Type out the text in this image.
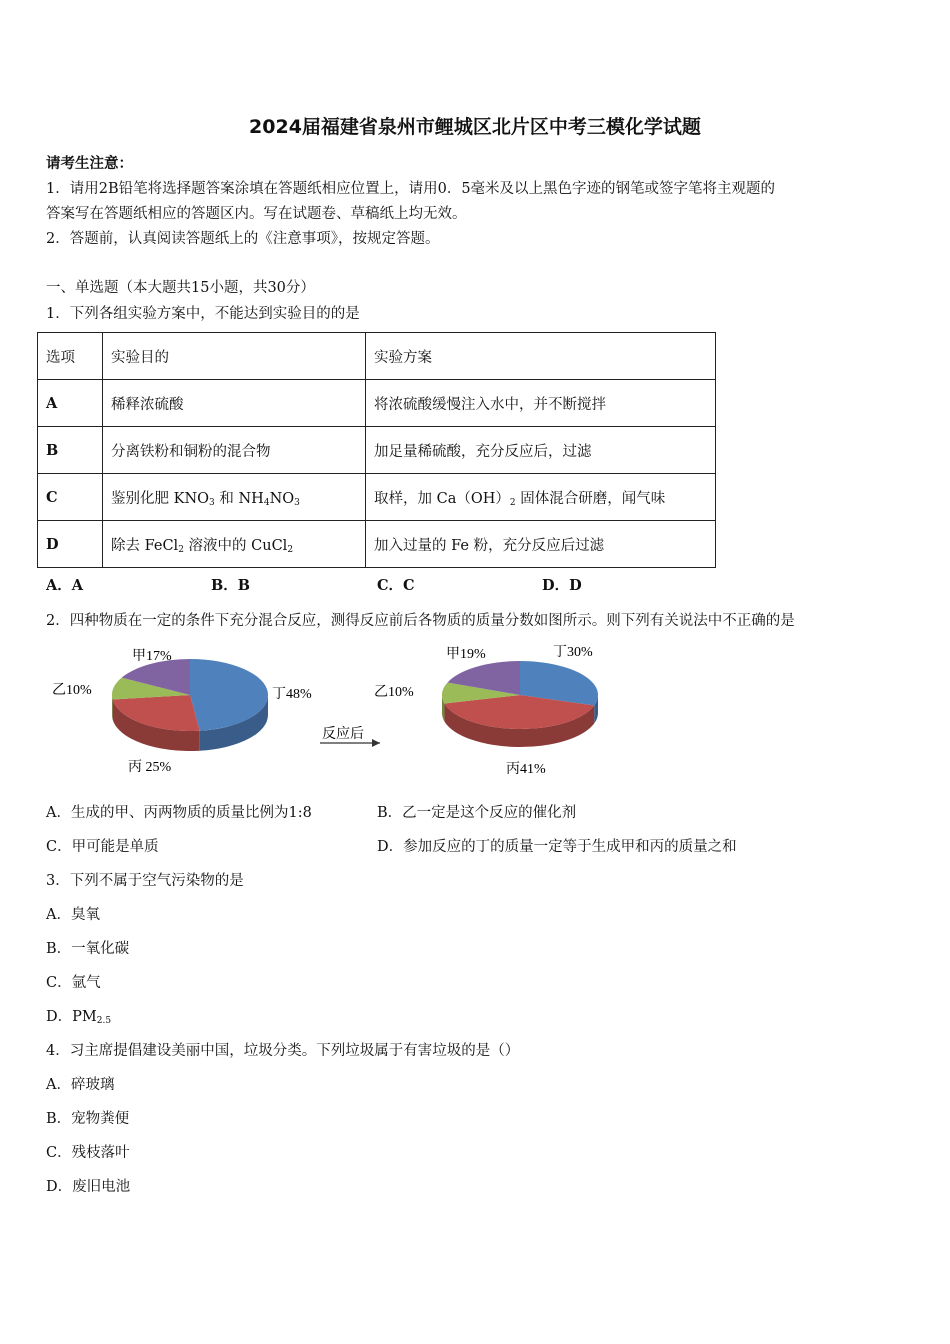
2024届福建省泉州市鲤城区北片区中考三模化学试题
请考生注意：
1．请用2B铅笔将选择题答案涂填在答题纸相应位置上，请用0．5毫米及以上黑色字迹的钢笔或签字笔将主观题的
答案写在答题纸相应的答题区内。写在试题卷、草稿纸上均无效。
2．答题前，认真阅读答题纸上的《注意事项》，按规定答题。
一、单选题（本大题共15小题，共30分）
1．下列各组实验方案中，不能达到实验目的的是
选项	实验目的	实验方案
A	稀释浓硫酸	将浓硫酸缓慢注入水中，并不断搅拌
B	分离铁粉和铜粉的混合物	加足量稀硫酸，充分反应后，过滤
C	鉴别化肥 $KNO_3$ 和 $NH_4NO_3$	取样，加 $Ca(OH)_2$ 固体混合研磨，闻气味
D	除去 FeCl$_2$ 溶液中的 CuCl$_2$	加入过量的 Fe 粉，充分反应后过滤
A．A	B．B	C．C	D．D
2．四种物质在一定的条件下充分混合反应，测得反应前后各物质的质量分数如图所示。则下列有关说法中不正确的是
反应后
甲17%
乙10%
丙 25%
丁48%
甲19%
乙10%
丙41%
丁30%
A．生成的甲、丙两物质的质量比例为1:8	B．乙一定是这个反应的催化剂
C．甲可能是单质	D．参加反应的丁的质量一定等于生成甲和丙的质量之和
3．下列不属于空气污染物的是
A．臭氧
B．一氧化碳
C．氩气
D．$PM_{2.5}$
4．习主席提倡建设美丽中国，垃圾分类。下列垃圾属于有害垃圾的是（）
A．碎玻璃
B．宠物粪便
C．残枝落叶
D．废旧电池
